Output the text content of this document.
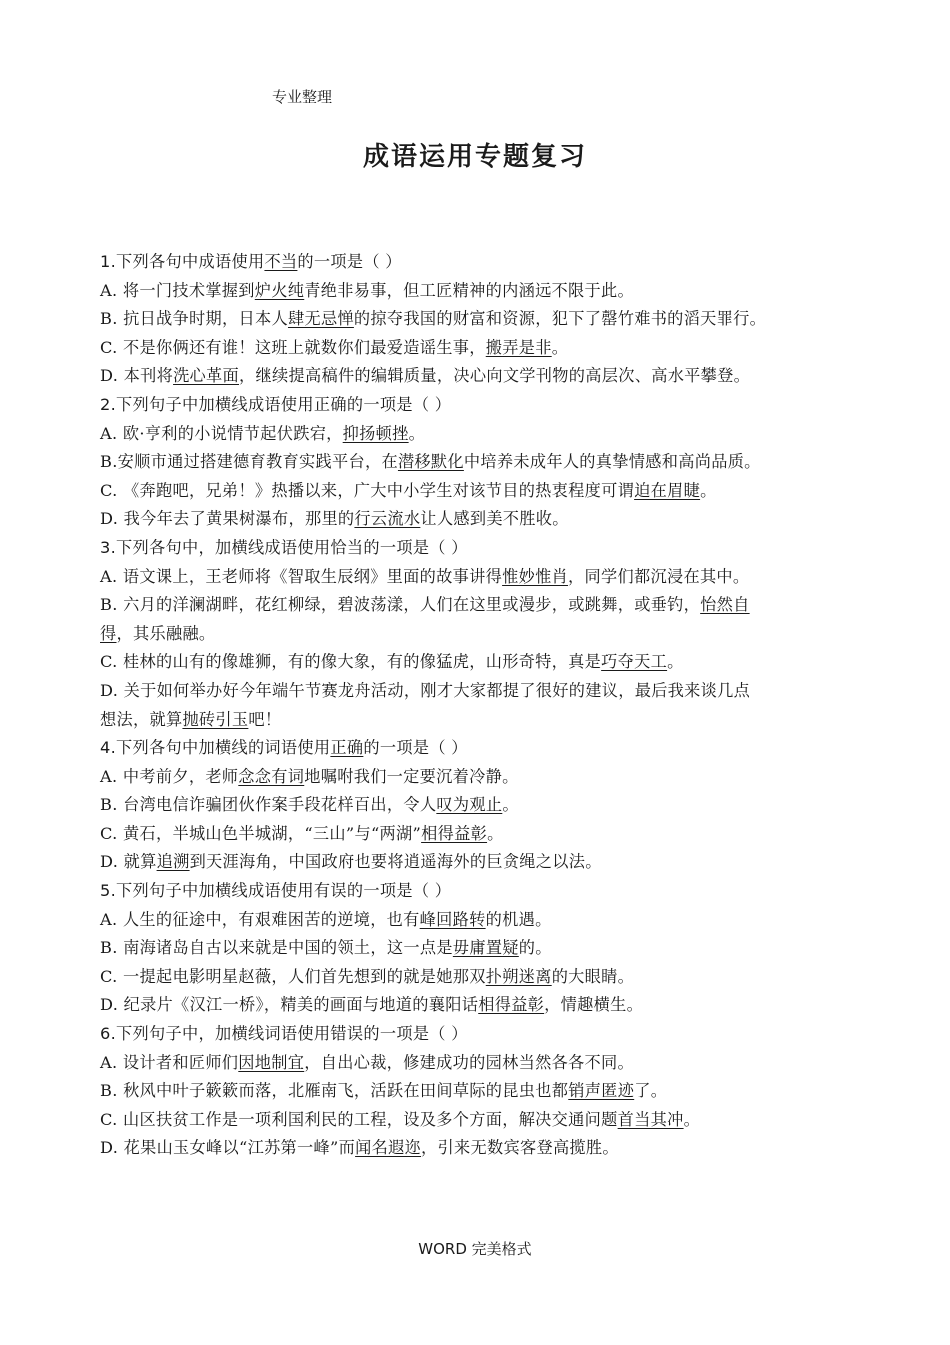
专业整理
成语运用专题复习
1.下列各句中成语使用不当的一项是（ ）
A. 将一门技术掌握到炉火纯青绝非易事，但工匠精神的内涵远不限于此。
B. 抗日战争时期，日本人肆无忌惮的掠夺我国的财富和资源，犯下了罄竹难书的滔天罪行。
C. 不是你俩还有谁！这班上就数你们最爱造谣生事，搬弄是非。
D. 本刊将洗心革面，继续提高稿件的编辑质量，决心向文学刊物的高层次、高水平攀登。
2.下列句子中加横线成语使用正确的一项是（ ）
A. 欧·亨利的小说情节起伏跌宕，抑扬顿挫。
B.安顺市通过搭建德育教育实践平台，在潜移默化中培养未成年人的真挚情感和高尚品质。
C. 《奔跑吧，兄弟！》热播以来，广大中小学生对该节目的热衷程度可谓迫在眉睫。
D. 我今年去了黄果树瀑布，那里的行云流水让人感到美不胜收。
3.下列各句中，加横线成语使用恰当的一项是（ ）
A. 语文课上，王老师将《智取生辰纲》里面的故事讲得惟妙惟肖，同学们都沉浸在其中。
B. 六月的洋澜湖畔，花红柳绿，碧波荡漾，人们在这里或漫步，或跳舞，或垂钓，怡然自
得，其乐融融。
C. 桂林的山有的像雄狮，有的像大象，有的像猛虎，山形奇特，真是巧夺天工。
D. 关于如何举办好今年端午节赛龙舟活动，刚才大家都提了很好的建议，最后我来谈几点
想法，就算抛砖引玉吧！
4.下列各句中加横线的词语使用正确的一项是（ ）
A. 中考前夕，老师念念有词地嘱咐我们一定要沉着冷静。
B. 台湾电信诈骗团伙作案手段花样百出，令人叹为观止。
C. 黄石，半城山色半城湖，“三山”与“两湖”相得益彰。
D. 就算追溯到天涯海角，中国政府也要将逍遥海外的巨贪绳之以法。
5.下列句子中加横线成语使用有误的一项是（ ）
A. 人生的征途中，有艰难困苦的逆境，也有峰回路转的机遇。
B. 南海诸岛自古以来就是中国的领土，这一点是毋庸置疑的。
C. 一提起电影明星赵薇，人们首先想到的就是她那双扑朔迷离的大眼睛。
D. 纪录片《汉江一桥》，精美的画面与地道的襄阳话相得益彰，情趣横生。
6.下列句子中，加横线词语使用错误的一项是（ ）
A. 设计者和匠师们因地制宜，自出心裁，修建成功的园林当然各各不同。
B. 秋风中叶子簌簌而落，北雁南飞，活跃在田间草际的昆虫也都销声匿迹了。
C. 山区扶贫工作是一项利国利民的工程，设及多个方面，解决交通问题首当其冲。
D. 花果山玉女峰以“江苏第一峰”而闻名遐迩，引来无数宾客登高揽胜。
WORD 完美格式
